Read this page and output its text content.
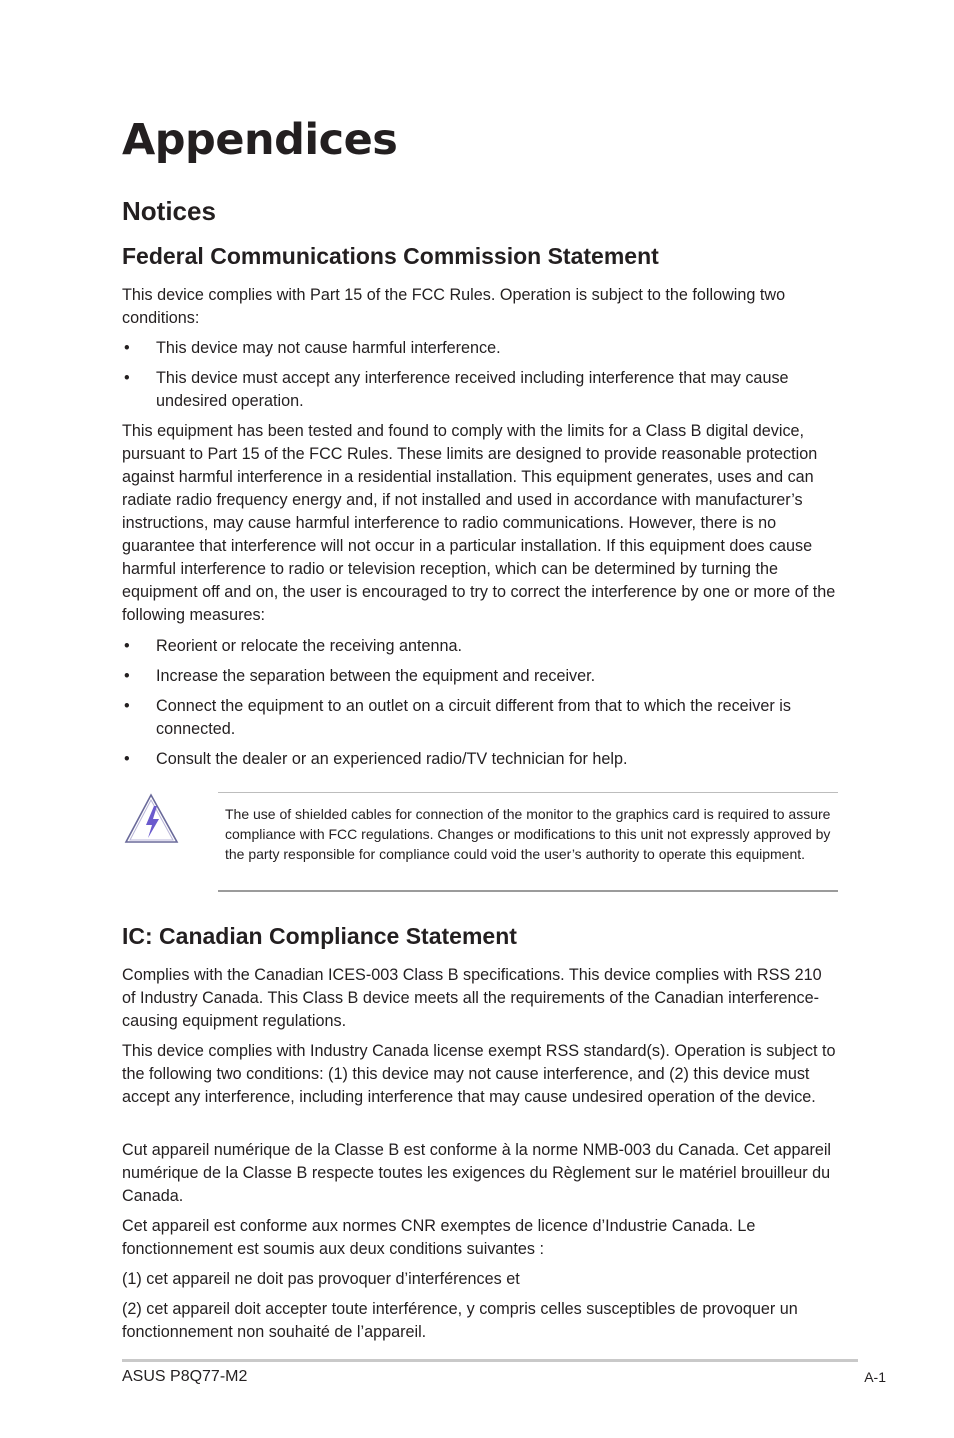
Appendices
Notices
Federal Communications Commission Statement

This device complies with Part 15 of the FCC Rules. Operation is subject to the following two conditions:

• This device may not cause harmful interference.
• This device must accept any interference received including interference that may cause undesired operation.

This equipment has been tested and found to comply with the limits for a Class B digital device, pursuant to Part 15 of the FCC Rules. These limits are designed to provide reasonable protection against harmful interference in a residential installation. This equipment generates, uses and can radiate radio frequency energy and, if not installed and used in accordance with manufacturer’s instructions, may cause harmful interference to radio communications. However, there is no guarantee that interference will not occur in a particular installation. If this equipment does cause harmful interference to radio or television reception, which can be determined by turning the equipment off and on, the user is encouraged to try to correct the interference by one or more of the following measures:

• Reorient or relocate the receiving antenna.
• Increase the separation between the equipment and receiver.
• Connect the equipment to an outlet on a circuit different from that to which the receiver is connected.
• Consult the dealer or an experienced radio/TV technician for help.

The use of shielded cables for connection of the monitor to the graphics card is required to assure compliance with FCC regulations. Changes or modifications to this unit not expressly approved by the party responsible for compliance could void the user’s authority to operate this equipment.

IC: Canadian Compliance Statement

Complies with the Canadian ICES-003 Class B specifications. This device complies with RSS 210 of Industry Canada. This Class B device meets all the requirements of the Canadian interference-causing equipment regulations.

This device complies with Industry Canada license exempt RSS standard(s). Operation is subject to the following two conditions: (1) this device may not cause interference, and (2) this device must accept any interference, including interference that may cause undesired operation of the device.

Cut appareil numérique de la Classe B est conforme à la norme NMB-003 du Canada. Cet appareil numérique de la Classe B respecte toutes les exigences du Règlement sur le matériel brouilleur du Canada.

Cet appareil est conforme aux normes CNR exemptes de licence d’Industrie Canada. Le fonctionnement est soumis aux deux conditions suivantes :

(1) cet appareil ne doit pas provoquer d’interférences et

(2) cet appareil doit accepter toute interférence, y compris celles susceptibles de provoquer un fonctionnement non souhaité de l’appareil.

ASUS P8Q77-M2	A-1
